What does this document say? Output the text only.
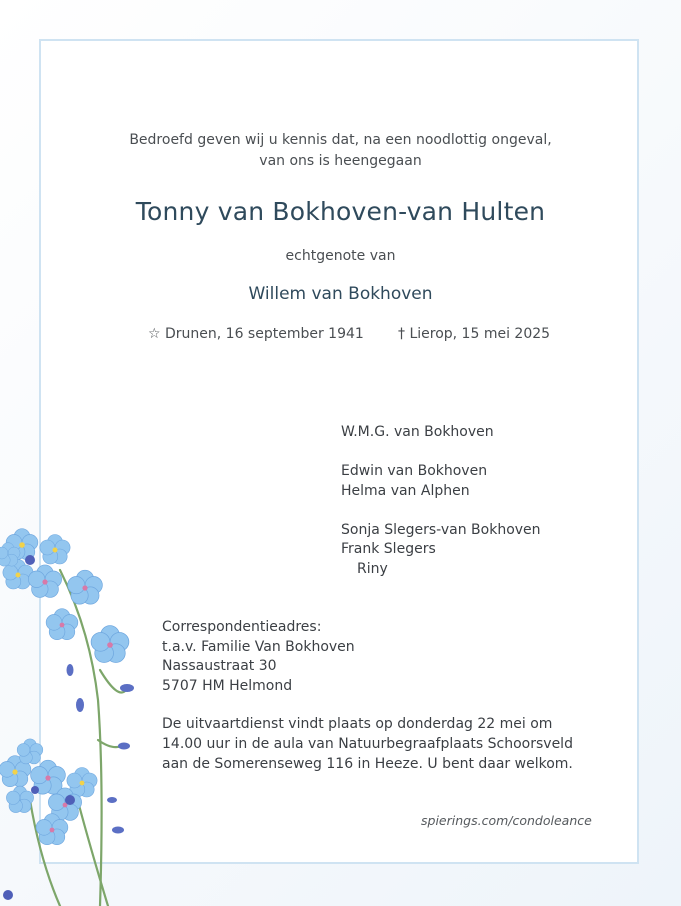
Bedroefd geven wij u kennis dat, na een noodlottig ongeval,
van ons is heengegaan
Tonny van Bokhoven-van Hulten
echtgenote van
Willem van Bokhoven
☆ Drunen, 16 september 1941 † Lierop, 15 mei 2025
W.M.G. van Bokhoven
Edwin van Bokhoven
Helma van Alphen
Sonja Slegers-van Bokhoven
Frank Slegers
Riny
Correspondentieadres:
t.a.v. Familie Van Bokhoven
Nassaustraat 30
5707 HM Helmond
De uitvaartdienst vindt plaats op donderdag 22 mei om
14.00 uur in de aula van Natuurbegraafplaats Schoorsveld
aan de Somerenseweg 116 in Heeze. U bent daar welkom.
spierings.com/condoleance
